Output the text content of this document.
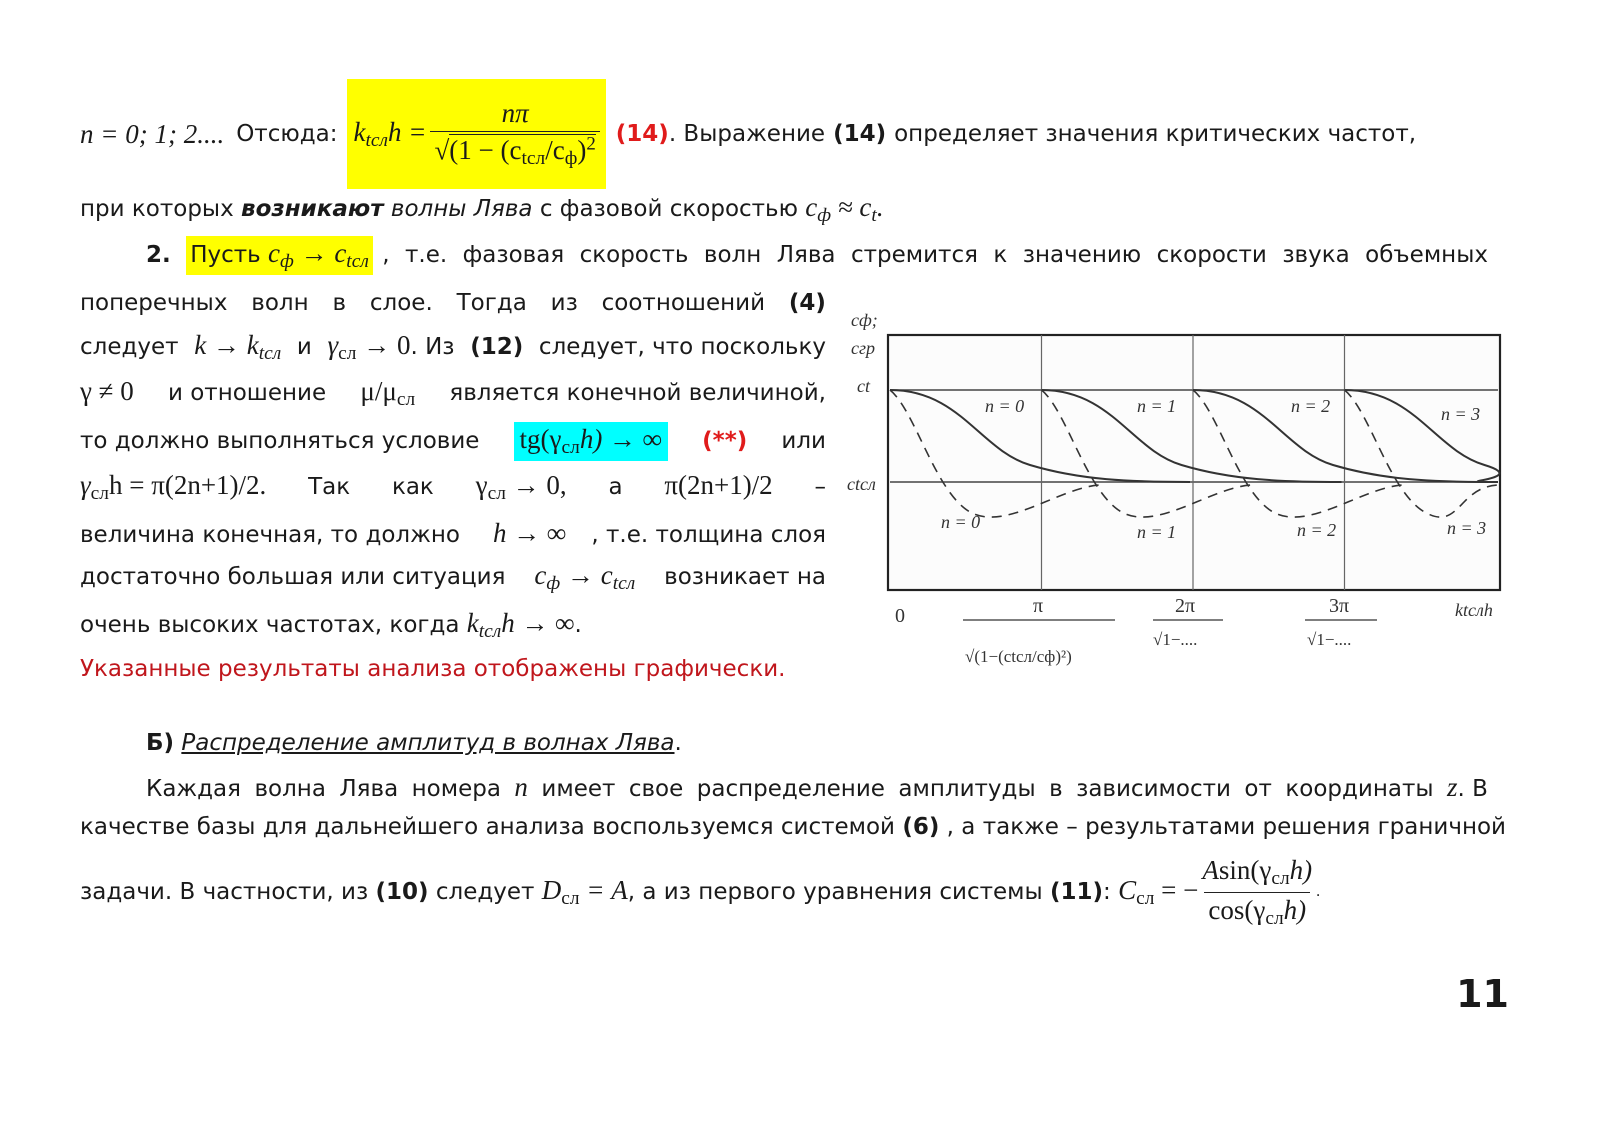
n = 0; 1; 2.... Отсюда: $k_{tсл}h = \frac{n\pi}{√(1 - (c_{tсл}/c_ф)^2} (14)$ . Выражение (14) определяет значения критических частот,
при которых возникают волны Лява с фазовой скоростью $c_ф \approx c_t$.
2. Пусть $c_ф \to c_{tсл}$ , т.е. фазовая скорость волн Лява стремится к значению скорости звука объемных
поперечных волн в слое. Тогда из соотношений (4)
следует $k \to k_{tсл}$ и $\gamma_{сл} \to 0$. Из (12) следует, что поскольку
γ ≠ 0 и отношение $\mu/\mu_{сл}$ является конечной величиной,
то должно выполняться условие $tg(\gamma_{сл}h)$ → ∞ (**) или
$\gamma_{сл}h = \pi(2n+1)/2$. Так как $\gamma_{сл} \to 0$, а π(2n+1)/2 –
величина конечная, то должно h → ∞ , т.е. толщина слоя
достаточно большая или ситуация $c_ф \to c_{tсл}$ возникает на
очень высоких частотах, когда $k_{tсл}h$ → ∞.
Указанные результаты анализа отображены графически.
cф;
cгр
ct
ctсл
0	π
√(1−(ctсл/cф)²)
2π
√1−....
3π
√1−....
ktслh
n = 0	n = 1	n = 2	n = 3
n = 0	n = 1	n = 2	n = 3
Б) Распределение амплитуд в волнах Лява.
Каждая волна Лява номера n имеет свое распределение амплитуды в зависимости от координаты z. В
качестве базы для дальнейшего анализа воспользуемся системой (6) , а также – результатами решения граничной
задачи. В частности, из
(10)
следует
$D_{сл} = A$ , а из первого уравнения системы
(11) :
$C_{сл}$ = − $\frac{Asin(\gamma_{сл}h)}{\cos(\gamma_{сл}h)}$ .
11
